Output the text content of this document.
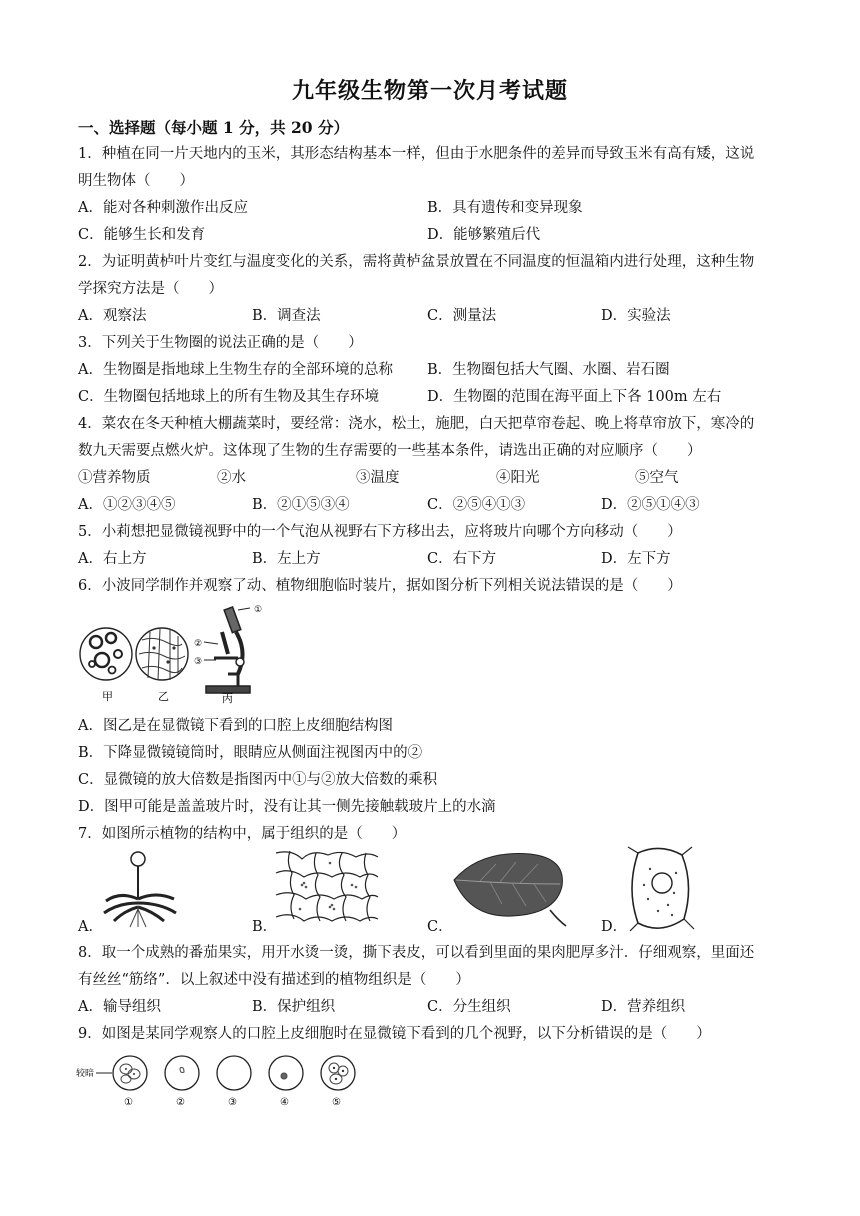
九年级生物第一次月考试题
一、选择题（每小题 1 分，共 20 分）
1．种植在同一片天地内的玉米，其形态结构基本一样，但由于水肥条件的差异而导致玉米有高有矮，这说
明生物体（　　）
A．能对各种刺激作出反应	B．具有遗传和变异现象
C．能够生长和发育	D．能够繁殖后代
2．为证明黄栌叶片变红与温度变化的关系，需将黄栌盆景放置在不同温度的恒温箱内进行处理，这种生物
学探究方法是（　　）
A．观察法	B．调查法	C．测量法	D．实验法
3．下列关于生物圈的说法正确的是（　　）
A．生物圈是指地球上生物生存的全部环境的总称 B．生物圈包括大气圈、水圈、岩石圈
C．生物圈包括地球上的所有生物及其生存环境	D．生物圈的范围在海平面上下各 100m 左右
4．菜农在冬天种植大棚蔬菜时，要经常：浇水，松土，施肥，白天把草帘卷起、晚上将草帘放下，寒冷的
数九天需要点燃火炉。这体现了生物的生存需要的一些基本条件，请选出正确的对应顺序（　　）
①营养物质	②水	③温度	④阳光	⑤空气
A．①②③④⑤	B．②①⑤③④	C．②⑤④①③	D．②⑤①④③
5．小莉想把显微镜视野中的一个气泡从视野右下方移出去，应将玻片向哪个方向移动（　　）
A．右上方	B．左上方	C．右下方	D．左下方
6．小波同学制作并观察了动、植物细胞临时装片，据如图分析下列相关说法错误的是（　　）
①
②
③
甲	乙	丙
A．图乙是在显微镜下看到的口腔上皮细胞结构图
B．下降显微镜镜筒时，眼睛应从侧面注视图丙中的②
C．显微镜的放大倍数是指图丙中①与②放大倍数的乘积
D．图甲可能是盖盖玻片时，没有让其一侧先接触载玻片上的水滴
7．如图所示植物的结构中，属于组织的是（　　）
A．	B．	C．	D．
8．取一个成熟的番茄果实，用开水烫一烫，撕下表皮，可以看到里面的果肉肥厚多汁．仔细观察，里面还
有丝丝“筋络”．以上叙述中没有描述到的植物组织是（　　）
A．输导组织	B．保护组织	C．分生组织	D．营养组织
9．如图是某同学观察人的口腔上皮细胞时在显微镜下看到的几个视野，以下分析错误的是（　　）
较暗
①	②	③	④	⑤
